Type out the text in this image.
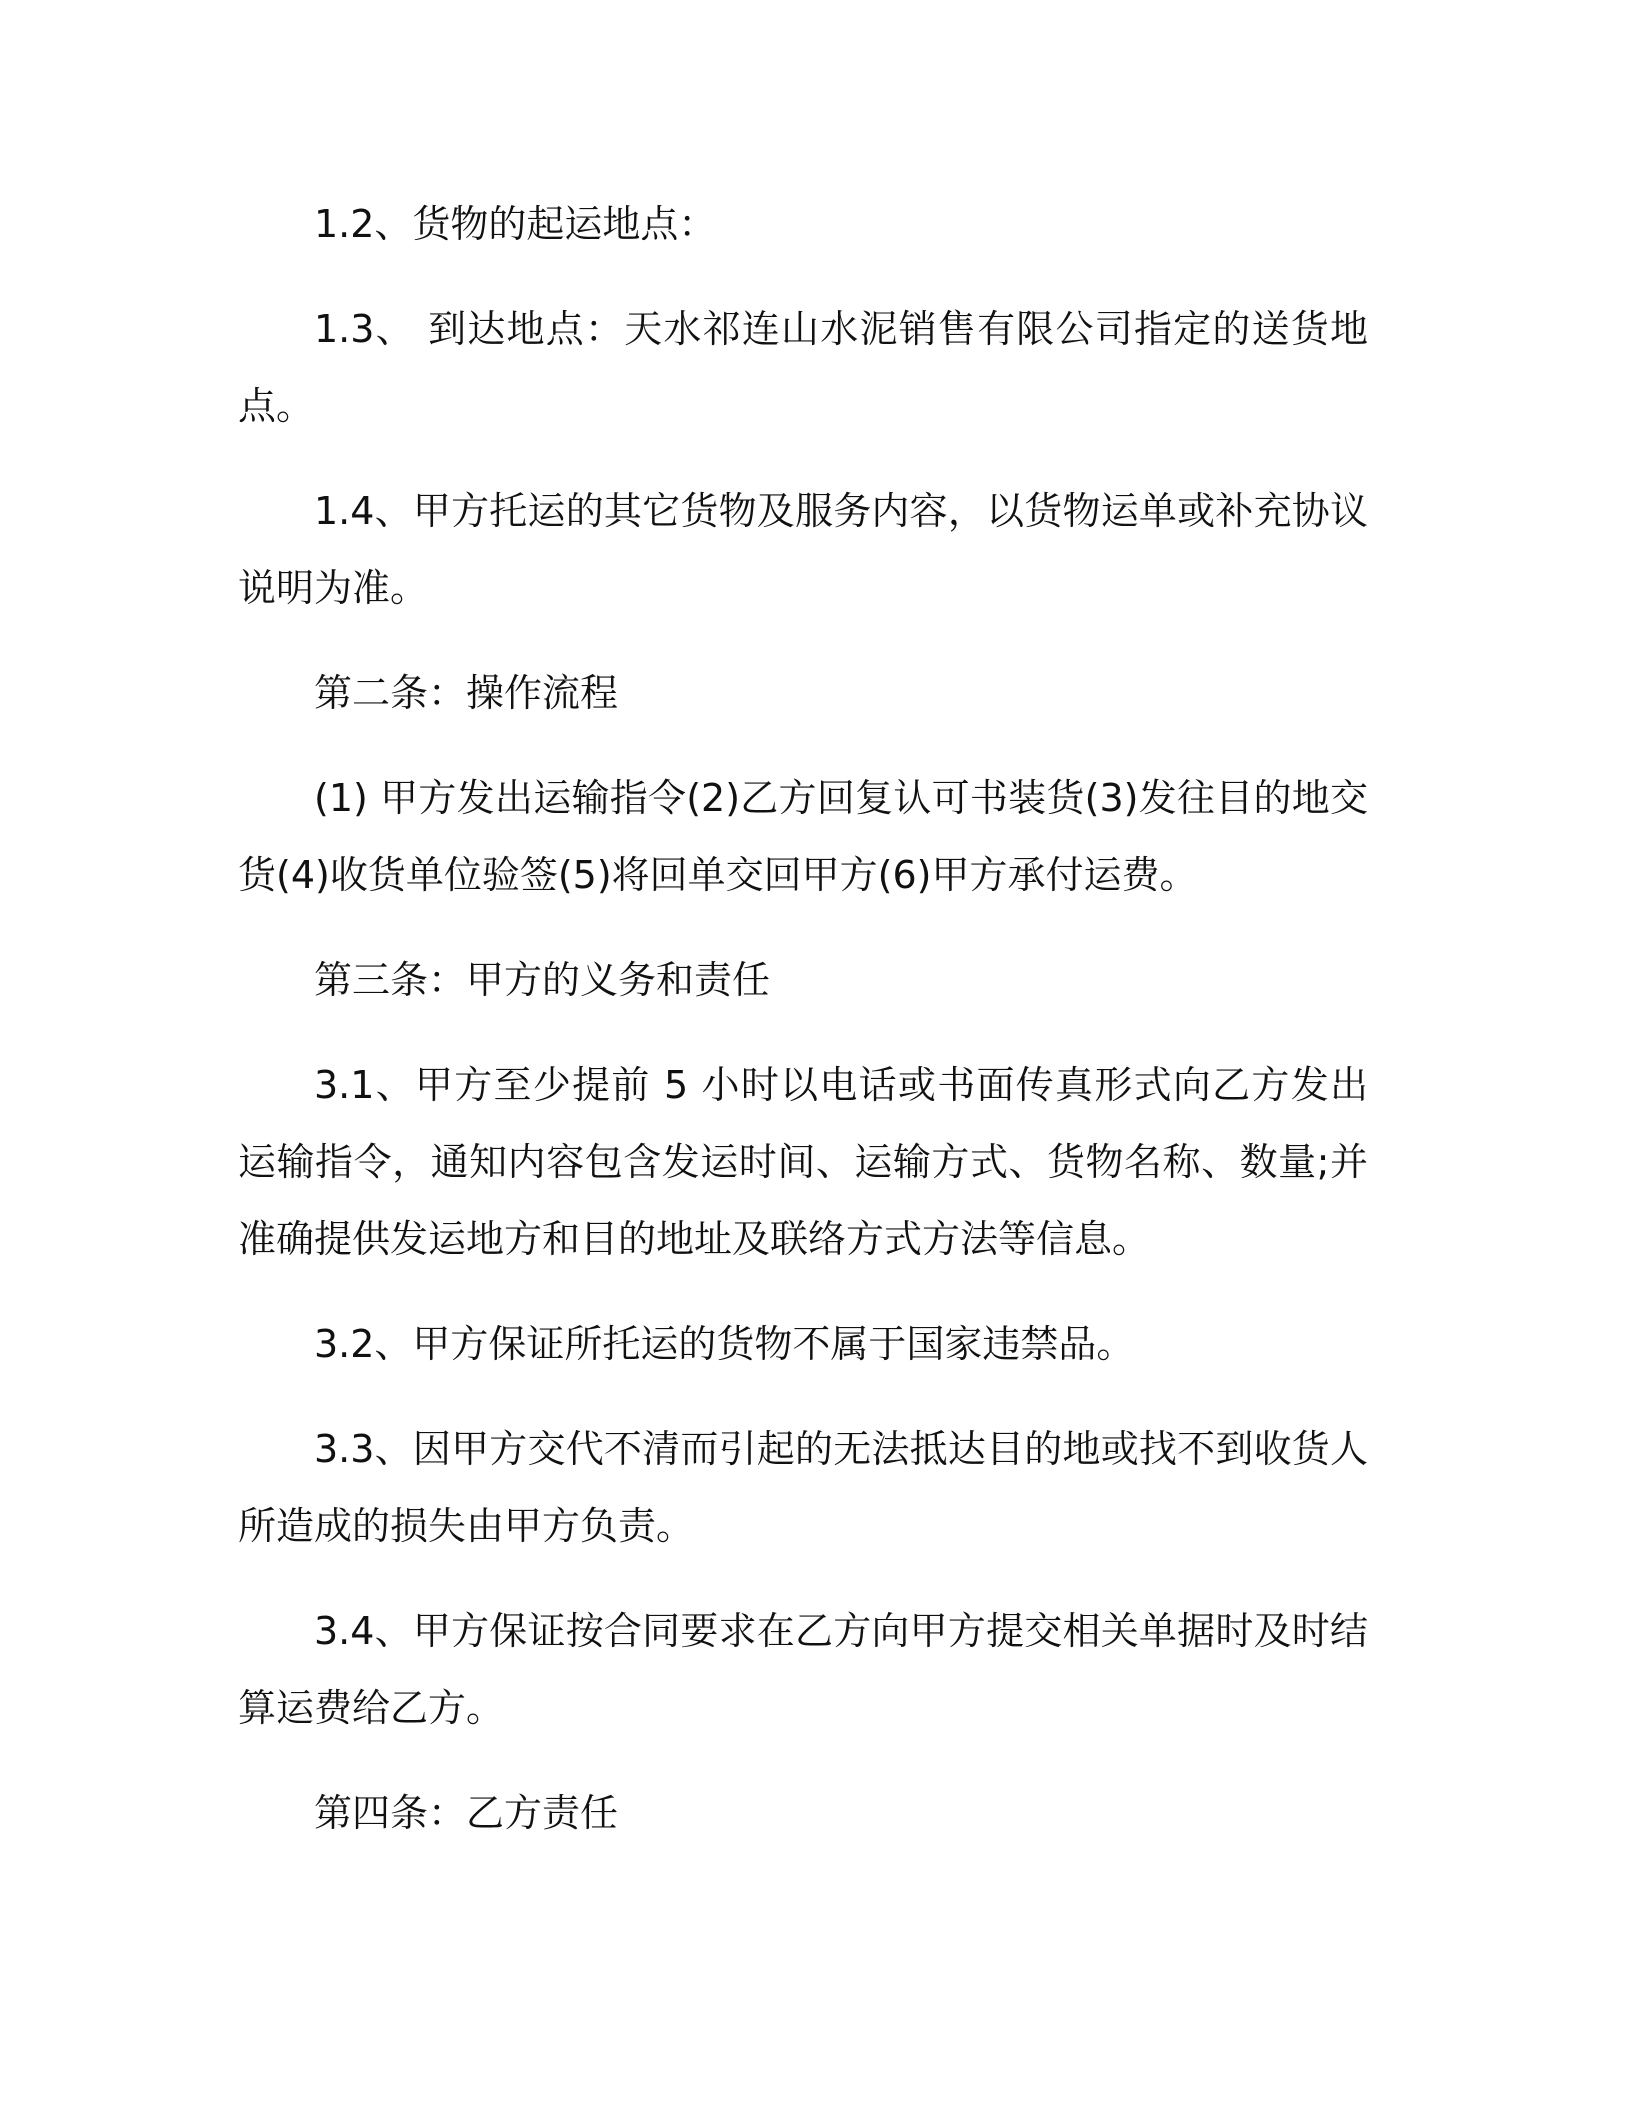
1.2、货物的起运地点：

1.3、 到达地点：天水祁连山水泥销售有限公司指定的送货地点。

1.4、甲方托运的其它货物及服务内容，以货物运单或补充协议说明为准。

第二条：操作流程

(1) 甲方发出运输指令(2)乙方回复认可书装货(3)发往目的地交货(4)收货单位验签(5)将回单交回甲方(6)甲方承付运费。

第三条：甲方的义务和责任

3.1、甲方至少提前 5 小时以电话或书面传真形式向乙方发出运输指令，通知内容包含发运时间、运输方式、货物名称、数量;并准确提供发运地方和目的地址及联络方式方法等信息。

3.2、甲方保证所托运的货物不属于国家违禁品。

3.3、因甲方交代不清而引起的无法抵达目的地或找不到收货人所造成的损失由甲方负责。

3.4、甲方保证按合同要求在乙方向甲方提交相关单据时及时结算运费给乙方。

第四条：乙方责任
